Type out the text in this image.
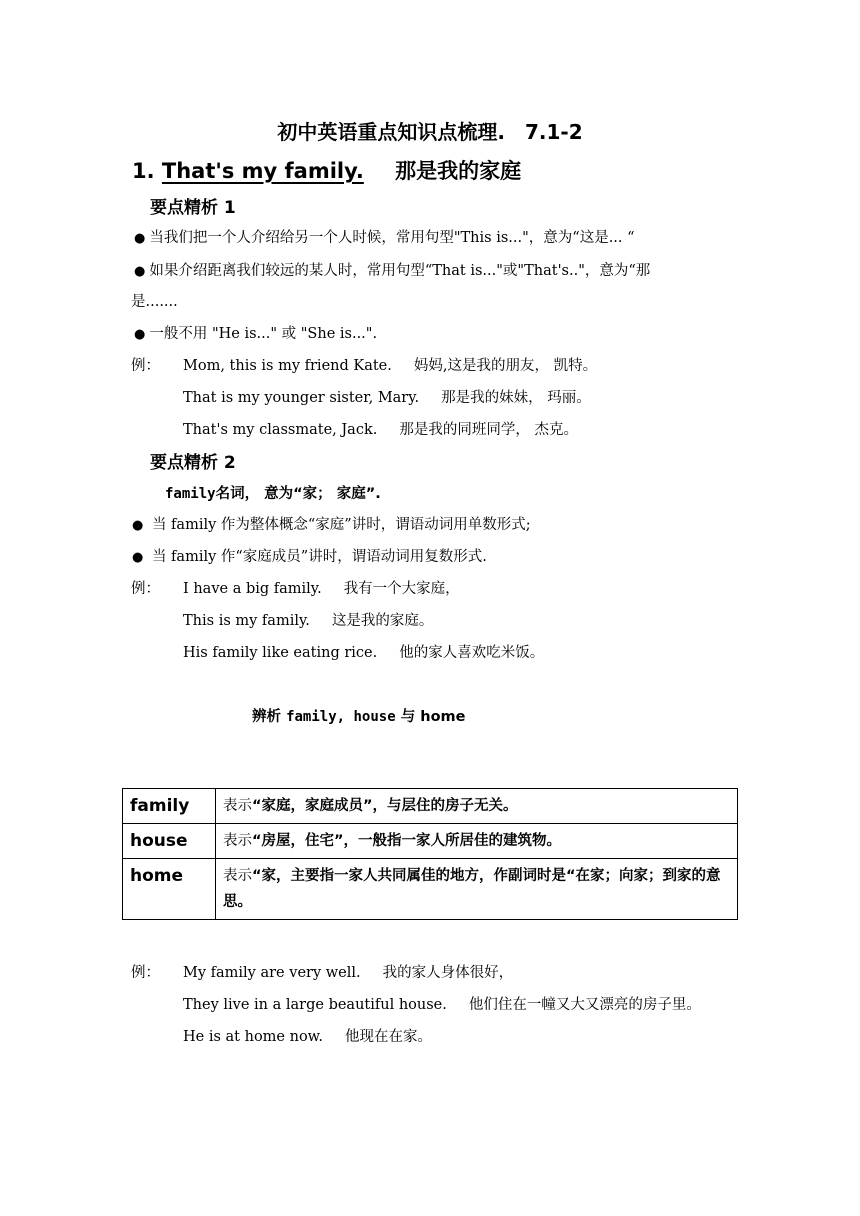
初中英语重点知识点梳理.　7.1-2
1. That's my family. 那是我的家庭
要点精析 1
● 当我们把一个人介绍给另一个人时候，常用句型"This is..."，意为“这是... “
● 如果介绍距离我们较远的某人时，常用句型“That is..."或"That's.."，意为“那
是.......
● 一般不用 "He is..." 或 "She is...".
例： Mom, this is my friend Kate. 妈妈,这是我的朋友， 凯特。
That is my younger sister, Mary. 那是我的妹妹， 玛丽。
That's my classmate, Jack. 那是我的同班同学， 杰克。
要点精析 2
family名词， 意为“家； 家庭”.
● 当 family 作为整体概念“家庭”讲时，谓语动词用单数形式;
● 当 family 作“家庭成员”讲时，谓语动词用复数形式.
例： I have a big family. 我有一个大家庭，
This is my family. 这是我的家庭。
His family like eating rice. 他的家人喜欢吃米饭。
辨析 family, house 与 home
family	表示“家庭，家庭成员”，与层住的房子无关。
house	表示“房屋，住宅”，一般指一家人所居佳的建筑物。
home	表示“家，主要指一家人共同属佳的地方，作副词时是“在家；向家；到家的意思。
例： My family are very well. 我的家人身体很好，
They live in a large beautiful house. 他们住在一幢又大又漂亮的房子里。
He is at home now. 他现在在家。
